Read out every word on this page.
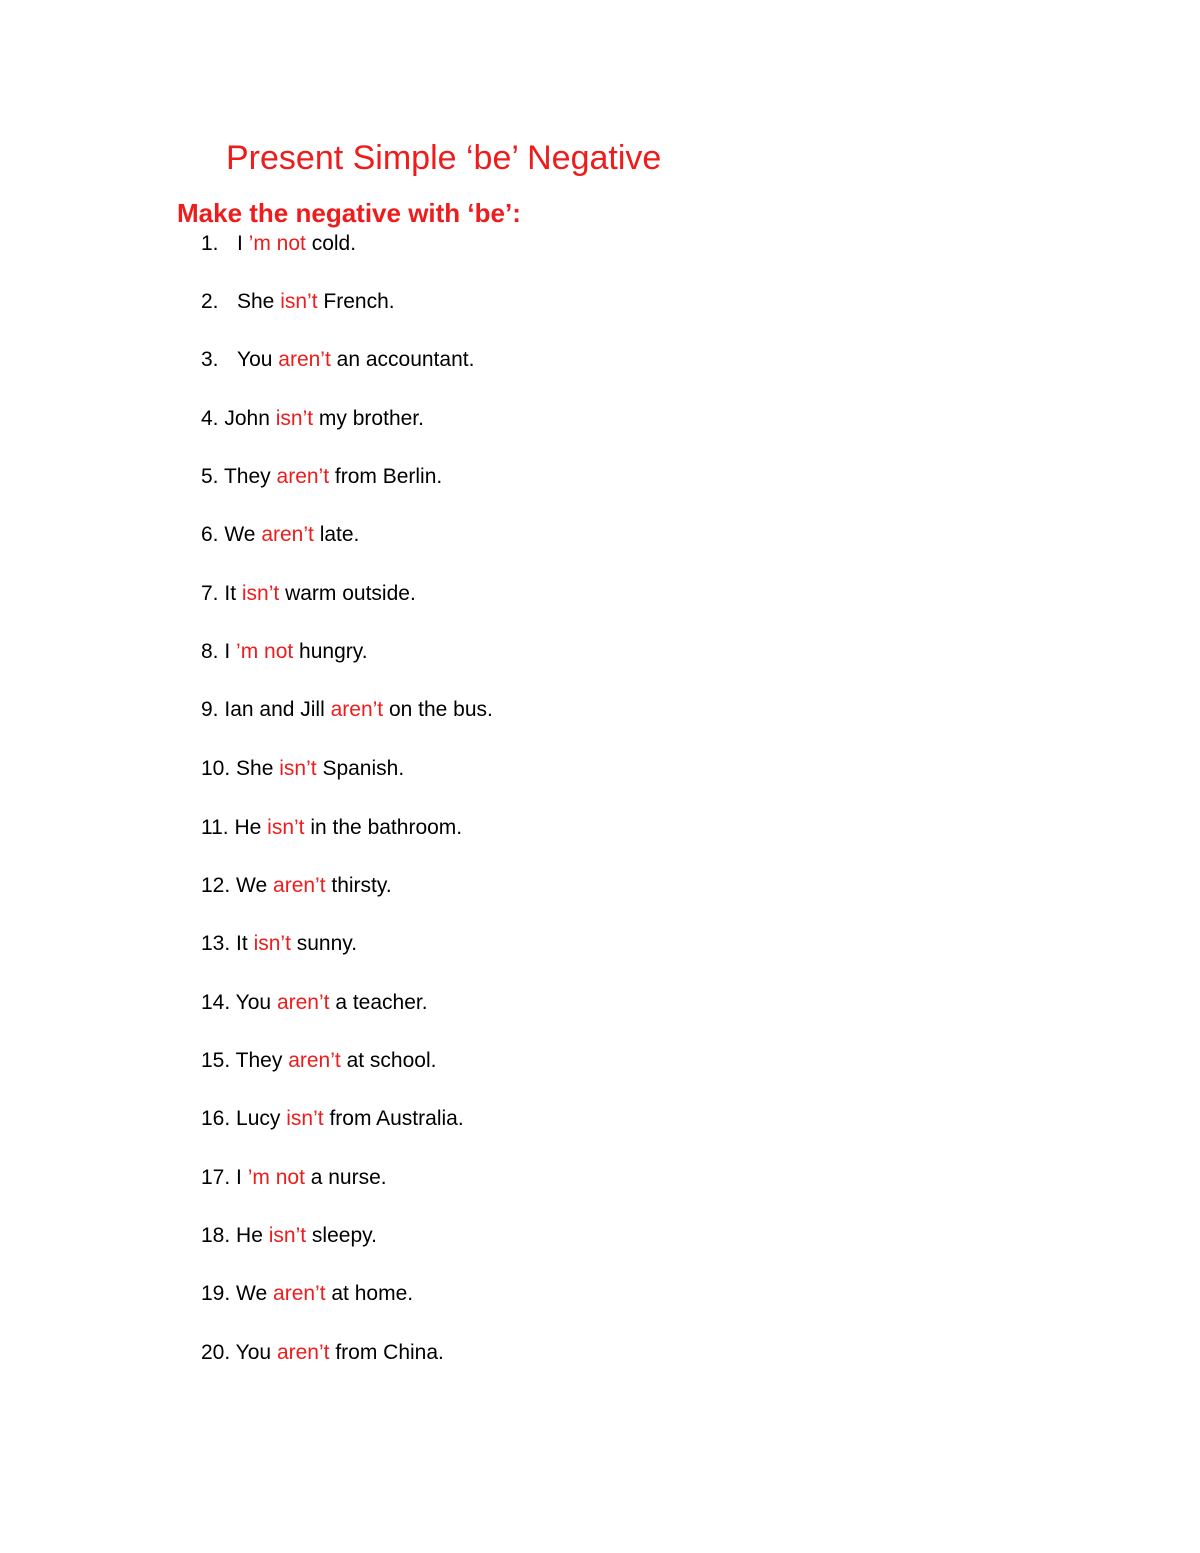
Present Simple ‘be’ Negative
Make the negative with ‘be’:
1. I ’m not cold.
2. She isn’t French.
3. You aren’t an accountant.
4. John isn’t my brother.
5. They aren’t from Berlin.
6. We aren’t late.
7. It isn’t warm outside.
8. I ’m not hungry.
9. Ian and Jill aren’t on the bus.
10. She isn’t Spanish.
11. He isn’t in the bathroom.
12. We aren’t thirsty.
13. It isn’t sunny.
14. You aren’t a teacher.
15. They aren’t at school.
16. Lucy isn’t from Australia.
17. I ’m not a nurse.
18. He isn’t sleepy.
19. We aren’t at home.
20. You aren’t from China.
